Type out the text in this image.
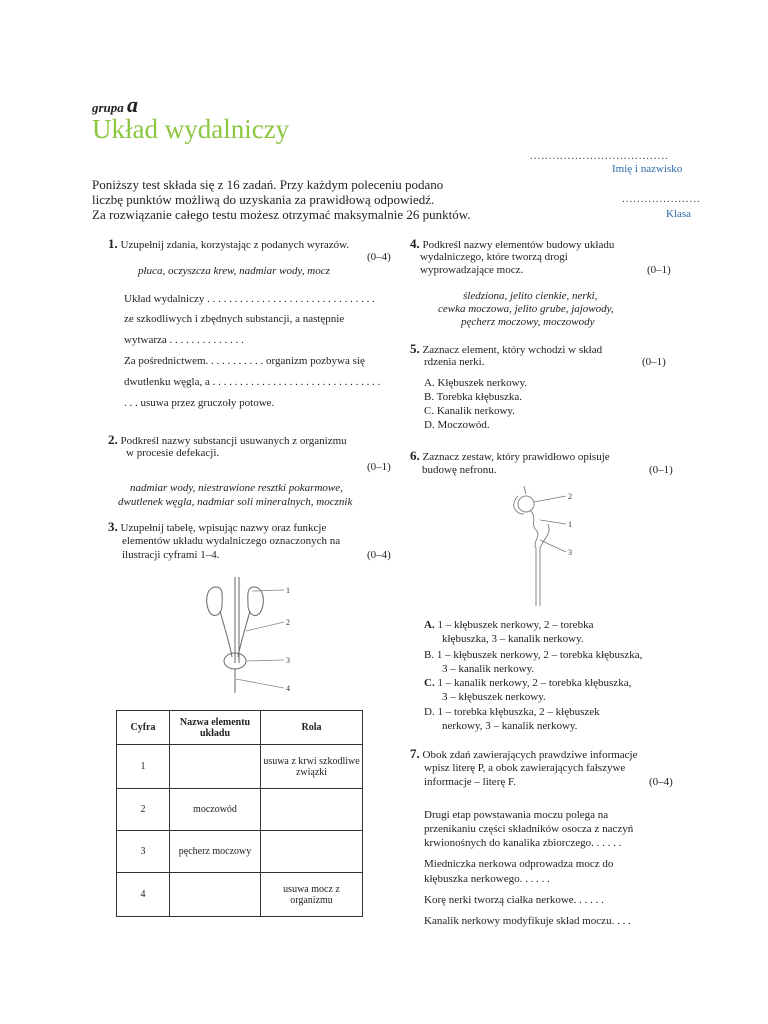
grupa a
Układ wydalniczy
.....................................
Imię i nazwisko
.....................
Klasa
Poniższy test składa się z 16 zadań. Przy każdym poleceniu podano
liczbę punktów możliwą do uzyskania za prawidłową odpowiedź.
Za rozwiązanie całego testu możesz otrzymać maksymalnie 26 punktów.
1. Uzupełnij zdania, korzystając z podanych wyrazów.
(0–4)
płuca, oczyszcza krew, nadmiar wody, mocz
Układ wydalniczy . . . . . . . . . . . . . . . . . . . . . . . . . . . . . . .
ze szkodliwych i zbędnych substancji, a następnie
wytwarza . . . . . . . . . . . . . .
Za pośrednictwem. . . . . . . . . . . organizm pozbywa się
dwutlenku węgla, a . . . . . . . . . . . . . . . . . . . . . . . . . . . . . . .
. . . usuwa przez gruczoły potowe.
2. Podkreśl nazwy substancji usuwanych z organizmu
w procesie defekacji.
(0–1)
nadmiar wody, niestrawione resztki pokarmowe,
dwutlenek węgla, nadmiar soli mineralnych, mocznik
3. Uzupełnij tabelę, wpisując nazwy oraz funkcje
elementów układu wydalniczego oznaczonych na
ilustracji cyframi 1–4.	(0–4)
1
2
3
4
Cyfra	Nazwa elementu układu	Rola
1		usuwa z krwi szkodliwe związki
2	moczowód	
3	pęcherz moczowy	
4		usuwa mocz z organizmu
4. Podkreśl nazwy elementów budowy układu
wydalniczego, które tworzą drogi
wyprowadzające mocz.	(0–1)
śledziona, jelito cienkie, nerki,
cewka moczowa, jelito grube, jajowody,
pęcherz moczowy, moczowody
5. Zaznacz element, który wchodzi w skład
rdzenia nerki.	(0–1)
A. Kłębuszek nerkowy.
B. Torebka kłębuszka.
C. Kanalik nerkowy.
D. Moczowód.
6. Zaznacz zestaw, który prawidłowo opisuje
budowę nefronu.	(0–1)
2
1
3
A. 1 – kłębuszek nerkowy, 2 – torebka
kłębuszka, 3 – kanalik nerkowy.
B. 1 – kłębuszek nerkowy, 2 – torebka kłębuszka,
3 – kanalik nerkowy.
C. 1 – kanalik nerkowy, 2 – torebka kłębuszka,
3 – kłębuszek nerkowy.
D. 1 – torebka kłębuszka, 2 – kłębuszek
nerkowy, 3 – kanalik nerkowy.
7. Obok zdań zawierających prawdziwe informacje
wpisz literę P, a obok zawierających fałszywe
informacje – literę F.	(0–4)
Drugi etap powstawania moczu polega na
przenikaniu części składników osocza z naczyń
krwionośnych do kanalika zbiorczego. . . . . .
Miedniczka nerkowa odprowadza mocz do
kłębuszka nerkowego. . . . . .
Korę nerki tworzą ciałka nerkowe. . . . . .
Kanalik nerkowy modyfikuje skład moczu. . . .
